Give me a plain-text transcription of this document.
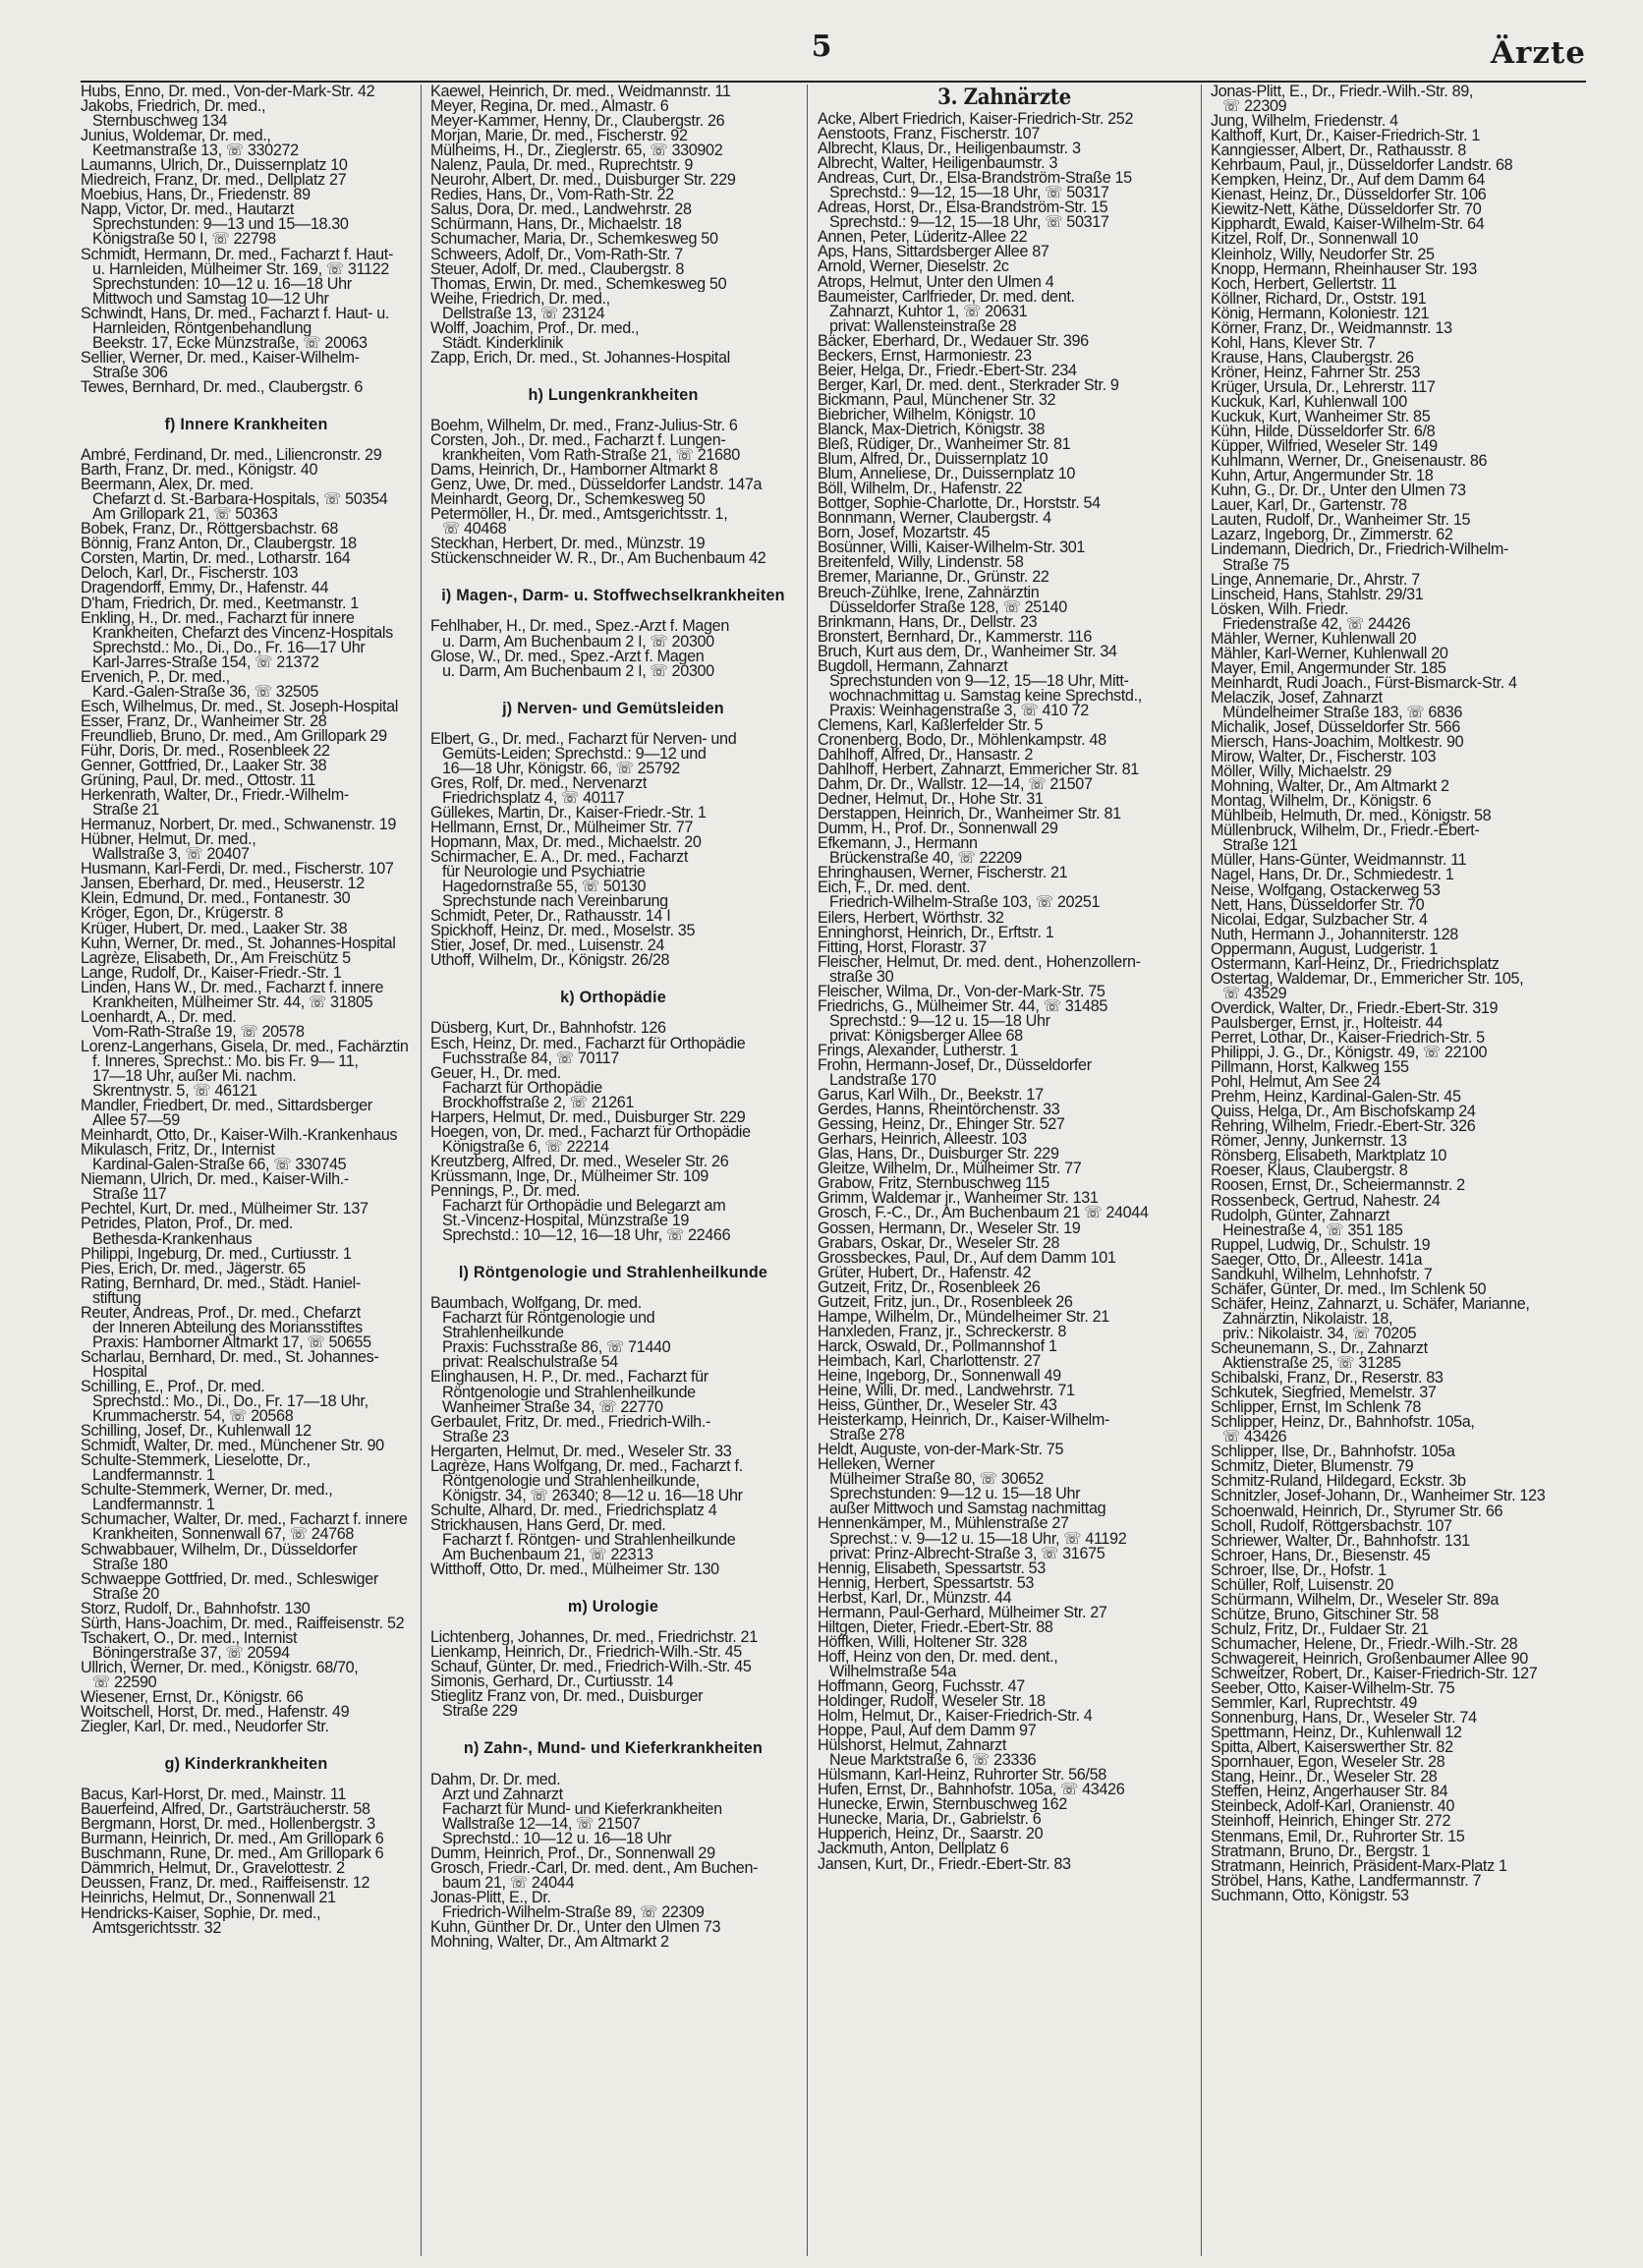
5	Ärzte
Hubs, Enno, Dr. med., Von-der-Mark-Str. 42
Jakobs, Friedrich, Dr. med.,
Sternbuschweg 134
Junius, Woldemar, Dr. med.,
Keetmanstraße 13, ☏ 330272
Laumanns, Ulrich, Dr., Duissernplatz 10
Miedreich, Franz, Dr. med., Dellplatz 27
Moebius, Hans, Dr., Friedenstr. 89
Napp, Victor, Dr. med., Hautarzt
Sprechstunden: 9—13 und 15—18.30
Königstraße 50 I, ☏ 22798
Schmidt, Hermann, Dr. med., Facharzt f. Haut-
u. Harnleiden, Mülheimer Str. 169, ☏ 31122
Sprechstunden: 10—12 u. 16—18 Uhr
Mittwoch und Samstag 10—12 Uhr
Schwindt, Hans, Dr. med., Facharzt f. Haut- u.
Harnleiden, Röntgenbehandlung
Beekstr. 17, Ecke Münzstraße, ☏ 20063
Sellier, Werner, Dr. med., Kaiser-Wilhelm-
Straße 306
Tewes, Bernhard, Dr. med., Claubergstr. 6
f) Innere Krankheiten
Ambré, Ferdinand, Dr. med., Liliencronstr. 29
Barth, Franz, Dr. med., Königstr. 40
Beermann, Alex, Dr. med.
Chefarzt d. St.-Barbara-Hospitals, ☏ 50354
Am Grillopark 21, ☏ 50363
Bobek, Franz, Dr., Röttgersbachstr. 68
Bönnig, Franz Anton, Dr., Claubergstr. 18
Corsten, Martin, Dr. med., Lotharstr. 164
Deloch, Karl, Dr., Fischerstr. 103
Dragendorff, Emmy, Dr., Hafenstr. 44
D'ham, Friedrich, Dr. med., Keetmanstr. 1
Enkling, H., Dr. med., Facharzt für innere
Krankheiten, Chefarzt des Vincenz-Hospitals
Sprechstd.: Mo., Di., Do., Fr. 16—17 Uhr
Karl-Jarres-Straße 154, ☏ 21372
Ervenich, P., Dr. med.,
Kard.-Galen-Straße 36, ☏ 32505
Esch, Wilhelmus, Dr. med., St. Joseph-Hospital
Esser, Franz, Dr., Wanheimer Str. 28
Freundlieb, Bruno, Dr. med., Am Grillopark 29
Führ, Doris, Dr. med., Rosenbleek 22
Genner, Gottfried, Dr., Laaker Str. 38
Grüning, Paul, Dr. med., Ottostr. 11
Herkenrath, Walter, Dr., Friedr.-Wilhelm-
Straße 21
Hermanuz, Norbert, Dr. med., Schwanenstr. 19
Hübner, Helmut, Dr. med.,
Wallstraße 3, ☏ 20407
Husmann, Karl-Ferdi, Dr. med., Fischerstr. 107
Jansen, Eberhard, Dr. med., Heuserstr. 12
Klein, Edmund, Dr. med., Fontanestr. 30
Kröger, Egon, Dr., Krügerstr. 8
Krüger, Hubert, Dr. med., Laaker Str. 38
Kuhn, Werner, Dr. med., St. Johannes-Hospital
Lagrèze, Elisabeth, Dr., Am Freischütz 5
Lange, Rudolf, Dr., Kaiser-Friedr.-Str. 1
Linden, Hans W., Dr. med., Facharzt f. innere
Krankheiten, Mülheimer Str. 44, ☏ 31805
Loenhardt, A., Dr. med.
Vom-Rath-Straße 19, ☏ 20578
Lorenz-Langerhans, Gisela, Dr. med., Fachärztin
f. Inneres, Sprechst.: Mo. bis Fr. 9— 11,
17—18 Uhr, außer Mi. nachm.
Skrentnystr. 5, ☏ 46121
Mandler, Friedbert, Dr. med., Sittardsberger
Allee 57—59
Meinhardt, Otto, Dr., Kaiser-Wilh.-Krankenhaus
Mikulasch, Fritz, Dr., Internist
Kardinal-Galen-Straße 66, ☏ 330745
Niemann, Ulrich, Dr. med., Kaiser-Wilh.-
Straße 117
Pechtel, Kurt, Dr. med., Mülheimer Str. 137
Petrides, Platon, Prof., Dr. med.
Bethesda-Krankenhaus
Philippi, Ingeburg, Dr. med., Curtiusstr. 1
Pies, Erich, Dr. med., Jägerstr. 65
Rating, Bernhard, Dr. med., Städt. Haniel-
stiftung
Reuter, Andreas, Prof., Dr. med., Chefarzt
der Inneren Abteilung des Moriansstiftes
Praxis: Hamborner Altmarkt 17, ☏ 50655
Scharlau, Bernhard, Dr. med., St. Johannes-
Hospital
Schilling, E., Prof., Dr. med.
Sprechstd.: Mo., Di., Do., Fr. 17—18 Uhr,
Krummacherstr. 54, ☏ 20568
Schilling, Josef, Dr., Kuhlenwall 12
Schmidt, Walter, Dr. med., Münchener Str. 90
Schulte-Stemmerk, Lieselotte, Dr.,
Landfermannstr. 1
Schulte-Stemmerk, Werner, Dr. med.,
Landfermannstr. 1
Schumacher, Walter, Dr. med., Facharzt f. innere
Krankheiten, Sonnenwall 67, ☏ 24768
Schwabbauer, Wilhelm, Dr., Düsseldorfer
Straße 180
Schwaeppe Gottfried, Dr. med., Schleswiger
Straße 20
Storz, Rudolf, Dr., Bahnhofstr. 130
Sürth, Hans-Joachim, Dr. med., Raiffeisenstr. 52
Tschakert, O., Dr. med., Internist
Böningerstraße 37, ☏ 20594
Ullrich, Werner, Dr. med., Königstr. 68/70,
☏ 22590
Wiesener, Ernst, Dr., Königstr. 66
Woitschell, Horst, Dr. med., Hafenstr. 49
Ziegler, Karl, Dr. med., Neudorfer Str.
g) Kinderkrankheiten
Bacus, Karl-Horst, Dr. med., Mainstr. 11
Bauerfeind, Alfred, Dr., Gartsträucherstr. 58
Bergmann, Horst, Dr. med., Hollenbergstr. 3
Burmann, Heinrich, Dr. med., Am Grillopark 6
Buschmann, Rune, Dr. med., Am Grillopark 6
Dämmrich, Helmut, Dr., Gravelottestr. 2
Deussen, Franz, Dr. med., Raiffeisenstr. 12
Heinrichs, Helmut, Dr., Sonnenwall 21
Hendricks-Kaiser, Sophie, Dr. med.,
Amtsgerichtsstr. 32
Kaewel, Heinrich, Dr. med., Weidmannstr. 11
Meyer, Regina, Dr. med., Almastr. 6
Meyer-Kammer, Henny, Dr., Claubergstr. 26
Morjan, Marie, Dr. med., Fischerstr. 92
Mülheims, H., Dr., Zieglerstr. 65, ☏ 330902
Nalenz, Paula, Dr. med., Ruprechtstr. 9
Neurohr, Albert, Dr. med., Duisburger Str. 229
Redies, Hans, Dr., Vom-Rath-Str. 22
Salus, Dora, Dr. med., Landwehrstr. 28
Schürmann, Hans, Dr., Michaelstr. 18
Schumacher, Maria, Dr., Schemkesweg 50
Schweers, Adolf, Dr., Vom-Rath-Str. 7
Steuer, Adolf, Dr. med., Claubergstr. 8
Thomas, Erwin, Dr. med., Schemkesweg 50
Weihe, Friedrich, Dr. med.,
Dellstraße 13, ☏ 23124
Wolff, Joachim, Prof., Dr. med.,
Städt. Kinderklinik
Zapp, Erich, Dr. med., St. Johannes-Hospital
h) Lungenkrankheiten
Boehm, Wilhelm, Dr. med., Franz-Julius-Str. 6
Corsten, Joh., Dr. med., Facharzt f. Lungen-
krankheiten, Vom Rath-Straße 21, ☏ 21680
Dams, Heinrich, Dr., Hamborner Altmarkt 8
Genz, Uwe, Dr. med., Düsseldorfer Landstr. 147a
Meinhardt, Georg, Dr., Schemkesweg 50
Petermöller, H., Dr. med., Amtsgerichtsstr. 1,
☏ 40468
Steckhan, Herbert, Dr. med., Münzstr. 19
Stückenschneider W. R., Dr., Am Buchenbaum 42
i) Magen-, Darm- u. Stoffwechselkrankheiten
Fehlhaber, H., Dr. med., Spez.-Arzt f. Magen
u. Darm, Am Buchenbaum 2 I, ☏ 20300
Glose, W., Dr. med., Spez.-Arzt f. Magen
u. Darm, Am Buchenbaum 2 I, ☏ 20300
j) Nerven- und Gemütsleiden
Elbert, G., Dr. med., Facharzt für Nerven- und
Gemüts-Leiden; Sprechstd.: 9—12 und
16—18 Uhr, Königstr. 66, ☏ 25792
Gres, Rolf, Dr. med., Nervenarzt
Friedrichsplatz 4, ☏ 40117
Güllekes, Martin, Dr., Kaiser-Friedr.-Str. 1
Hellmann, Ernst, Dr., Mülheimer Str. 77
Hopmann, Max, Dr. med., Michaelstr. 20
Schirmacher, E. A., Dr. med., Facharzt
für Neurologie und Psychiatrie
Hagedornstraße 55, ☏ 50130
Sprechstunde nach Vereinbarung
Schmidt, Peter, Dr., Rathausstr. 14 I
Spickhoff, Heinz, Dr. med., Moselstr. 35
Stier, Josef, Dr. med., Luisenstr. 24
Uthoff, Wilhelm, Dr., Königstr. 26/28
k) Orthopädie
Düsberg, Kurt, Dr., Bahnhofstr. 126
Esch, Heinz, Dr. med., Facharzt für Orthopädie
Fuchsstraße 84, ☏ 70117
Geuer, H., Dr. med.
Facharzt für Orthopädie
Brockhoffstraße 2, ☏ 21261
Harpers, Helmut, Dr. med., Duisburger Str. 229
Hoegen, von, Dr. med., Facharzt für Orthopädie
Königstraße 6, ☏ 22214
Kreutzberg, Alfred, Dr. med., Weseler Str. 26
Krüssmann, Inge, Dr., Mülheimer Str. 109
Pennings, P., Dr. med.
Facharzt für Orthopädie und Belegarzt am
St.-Vincenz-Hospital, Münzstraße 19
Sprechstd.: 10—12, 16—18 Uhr, ☏ 22466
l) Röntgenologie und Strahlenheilkunde
Baumbach, Wolfgang, Dr. med.
Facharzt für Röntgenologie und
Strahlenheilkunde
Praxis: Fuchsstraße 86, ☏ 71440
privat: Realschulstraße 54
Elinghausen, H. P., Dr. med., Facharzt für
Röntgenologie und Strahlenheilkunde
Wanheimer Straße 34, ☏ 22770
Gerbaulet, Fritz, Dr. med., Friedrich-Wilh.-
Straße 23
Hergarten, Helmut, Dr. med., Weseler Str. 33
Lagrèze, Hans Wolfgang, Dr. med., Facharzt f.
Röntgenologie und Strahlenheilkunde,
Königstr. 34, ☏ 26340; 8—12 u. 16—18 Uhr
Schulte, Alhard, Dr. med., Friedrichsplatz 4
Strickhausen, Hans Gerd, Dr. med.
Facharzt f. Röntgen- und Strahlenheilkunde
Am Buchenbaum 21, ☏ 22313
Witthoff, Otto, Dr. med., Mülheimer Str. 130
m) Urologie
Lichtenberg, Johannes, Dr. med., Friedrichstr. 21
Lienkamp, Heinrich, Dr., Friedrich-Wilh.-Str. 45
Schauf, Günter, Dr. med., Friedrich-Wilh.-Str. 45
Simonis, Gerhard, Dr., Curtiusstr. 14
Stieglitz Franz von, Dr. med., Duisburger
Straße 229
n) Zahn-, Mund- und Kieferkrankheiten
Dahm, Dr. Dr. med.
Arzt und Zahnarzt
Facharzt für Mund- und Kieferkrankheiten
Wallstraße 12—14, ☏ 21507
Sprechstd.: 10—12 u. 16—18 Uhr
Dumm, Heinrich, Prof., Dr., Sonnenwall 29
Grosch, Friedr.-Carl, Dr. med. dent., Am Buchen-
baum 21, ☏ 24044
Jonas-Plitt, E., Dr.
Friedrich-Wilhelm-Straße 89, ☏ 22309
Kuhn, Günther Dr. Dr., Unter den Ulmen 73
Mohning, Walter, Dr., Am Altmarkt 2
3. Zahnärzte
Acke, Albert Friedrich, Kaiser-Friedrich-Str. 252
Aenstoots, Franz, Fischerstr. 107
Albrecht, Klaus, Dr., Heiligenbaumstr. 3
Albrecht, Walter, Heiligenbaumstr. 3
Andreas, Curt, Dr., Elsa-Brandström-Straße 15
Sprechstd.: 9—12, 15—18 Uhr, ☏ 50317
Adreas, Horst, Dr., Elsa-Brandström-Str. 15
Sprechstd.: 9—12, 15—18 Uhr, ☏ 50317
Annen, Peter, Lüderitz-Allee 22
Aps, Hans, Sittardsberger Allee 87
Arnold, Werner, Dieselstr. 2c
Atrops, Helmut, Unter den Ulmen 4
Baumeister, Carlfrieder, Dr. med. dent.
Zahnarzt, Kuhtor 1, ☏ 20631
privat: Wallensteinstraße 28
Bäcker, Eberhard, Dr., Wedauer Str. 396
Beckers, Ernst, Harmoniestr. 23
Beier, Helga, Dr., Friedr.-Ebert-Str. 234
Berger, Karl, Dr. med. dent., Sterkrader Str. 9
Bickmann, Paul, Münchener Str. 32
Biebricher, Wilhelm, Königstr. 10
Blanck, Max-Dietrich, Königstr. 38
Bleß, Rüdiger, Dr., Wanheimer Str. 81
Blum, Alfred, Dr., Duissernplatz 10
Blum, Anneliese, Dr., Duissernplatz 10
Böll, Wilhelm, Dr., Hafenstr. 22
Bottger, Sophie-Charlotte, Dr., Horststr. 54
Bonnmann, Werner, Claubergstr. 4
Born, Josef, Mozartstr. 45
Bosünner, Willi, Kaiser-Wilhelm-Str. 301
Breitenfeld, Willy, Lindenstr. 58
Bremer, Marianne, Dr., Grünstr. 22
Breuch-Zühlke, Irene, Zahnärztin
Düsseldorfer Straße 128, ☏ 25140
Brinkmann, Hans, Dr., Dellstr. 23
Bronstert, Bernhard, Dr., Kammerstr. 116
Bruch, Kurt aus dem, Dr., Wanheimer Str. 34
Bugdoll, Hermann, Zahnarzt
Sprechstunden von 9—12, 15—18 Uhr, Mitt-
wochnachmittag u. Samstag keine Sprechstd.,
Praxis: Weinhagenstraße 3, ☏ 410 72
Clemens, Karl, Kaßlerfelder Str. 5
Cronenberg, Bodo, Dr., Möhlenkampstr. 48
Dahlhoff, Alfred, Dr., Hansastr. 2
Dahlhoff, Herbert, Zahnarzt, Emmericher Str. 81
Dahm, Dr. Dr., Wallstr. 12—14, ☏ 21507
Dedner, Helmut, Dr., Hohe Str. 31
Derstappen, Heinrich, Dr., Wanheimer Str. 81
Dumm, H., Prof. Dr., Sonnenwall 29
Efkemann, J., Hermann
Brückenstraße 40, ☏ 22209
Ehringhausen, Werner, Fischerstr. 21
Eich, F., Dr. med. dent.
Friedrich-Wilhelm-Straße 103, ☏ 20251
Eilers, Herbert, Wörthstr. 32
Enninghorst, Heinrich, Dr., Erftstr. 1
Fitting, Horst, Florastr. 37
Fleischer, Helmut, Dr. med. dent., Hohenzollern-
straße 30
Fleischer, Wilma, Dr., Von-der-Mark-Str. 75
Friedrichs, G., Mülheimer Str. 44, ☏ 31485
Sprechstd.: 9—12 u. 15—18 Uhr
privat: Königsberger Allee 68
Frings, Alexander, Lutherstr. 1
Frohn, Hermann-Josef, Dr., Düsseldorfer
Landstraße 170
Garus, Karl Wilh., Dr., Beekstr. 17
Gerdes, Hanns, Rheintörchenstr. 33
Gessing, Heinz, Dr., Ehinger Str. 527
Gerhars, Heinrich, Alleestr. 103
Glas, Hans, Dr., Duisburger Str. 229
Gleitze, Wilhelm, Dr., Mülheimer Str. 77
Grabow, Fritz, Sternbuschweg 115
Grimm, Waldemar jr., Wanheimer Str. 131
Grosch, F.-C., Dr., Am Buchenbaum 21 ☏ 24044
Gossen, Hermann, Dr., Weseler Str. 19
Grabars, Oskar, Dr., Weseler Str. 28
Grossbeckes, Paul, Dr., Auf dem Damm 101
Grüter, Hubert, Dr., Hafenstr. 42
Gutzeit, Fritz, Dr., Rosenbleek 26
Gutzeit, Fritz, jun., Dr., Rosenbleek 26
Hampe, Wilhelm, Dr., Mündelheimer Str. 21
Hanxleden, Franz, jr., Schreckerstr. 8
Harck, Oswald, Dr., Pollmannshof 1
Heimbach, Karl, Charlottenstr. 27
Heine, Ingeborg, Dr., Sonnenwall 49
Heine, Willi, Dr. med., Landwehrstr. 71
Heiss, Günther, Dr., Weseler Str. 43
Heisterkamp, Heinrich, Dr., Kaiser-Wilhelm-
Straße 278
Heldt, Auguste, von-der-Mark-Str. 75
Helleken, Werner
Mülheimer Straße 80, ☏ 30652
Sprechstunden: 9—12 u. 15—18 Uhr
außer Mittwoch und Samstag nachmittag
Hennenkämper, M., Mühlenstraße 27
Sprechst.: v. 9—12 u. 15—18 Uhr, ☏ 41192
privat: Prinz-Albrecht-Straße 3, ☏ 31675
Hennig, Elisabeth, Spessartstr. 53
Hennig, Herbert, Spessartstr. 53
Herbst, Karl, Dr., Münzstr. 44
Hermann, Paul-Gerhard, Mülheimer Str. 27
Hiltgen, Dieter, Friedr.-Ebert-Str. 88
Höffken, Willi, Holtener Str. 328
Hoff, Heinz von den, Dr. med. dent.,
Wilhelmstraße 54a
Hoffmann, Georg, Fuchsstr. 47
Holdinger, Rudolf, Weseler Str. 18
Holm, Helmut, Dr., Kaiser-Friedrich-Str. 4
Hoppe, Paul, Auf dem Damm 97
Hülshorst, Helmut, Zahnarzt
Neue Marktstraße 6, ☏ 23336
Hülsmann, Karl-Heinz, Ruhrorter Str. 56/58
Hufen, Ernst, Dr., Bahnhofstr. 105a, ☏ 43426
Hunecke, Erwin, Sternbuschweg 162
Hunecke, Maria, Dr., Gabrielstr. 6
Hupperich, Heinz, Dr., Saarstr. 20
Jackmuth, Anton, Dellplatz 6
Jansen, Kurt, Dr., Friedr.-Ebert-Str. 83
Jonas-Plitt, E., Dr., Friedr.-Wilh.-Str. 89,
☏ 22309
Jung, Wilhelm, Friedenstr. 4
Kalthoff, Kurt, Dr., Kaiser-Friedrich-Str. 1
Kanngiesser, Albert, Dr., Rathausstr. 8
Kehrbaum, Paul, jr., Düsseldorfer Landstr. 68
Kempken, Heinz, Dr., Auf dem Damm 64
Kienast, Heinz, Dr., Düsseldorfer Str. 106
Kiewitz-Nett, Käthe, Düsseldorfer Str. 70
Kipphardt, Ewald, Kaiser-Wilhelm-Str. 64
Kitzel, Rolf, Dr., Sonnenwall 10
Kleinholz, Willy, Neudorfer Str. 25
Knopp, Hermann, Rheinhauser Str. 193
Koch, Herbert, Gellertstr. 11
Köllner, Richard, Dr., Oststr. 191
König, Hermann, Koloniestr. 121
Körner, Franz, Dr., Weidmannstr. 13
Kohl, Hans, Klever Str. 7
Krause, Hans, Claubergstr. 26
Kröner, Heinz, Fahrner Str. 253
Krüger, Ursula, Dr., Lehrerstr. 117
Kuckuk, Karl, Kuhlenwall 100
Kuckuk, Kurt, Wanheimer Str. 85
Kühn, Hilde, Düsseldorfer Str. 6/8
Küpper, Wilfried, Weseler Str. 149
Kuhlmann, Werner, Dr., Gneisenaustr. 86
Kuhn, Artur, Angermunder Str. 18
Kuhn, G., Dr. Dr., Unter den Ulmen 73
Lauer, Karl, Dr., Gartenstr. 78
Lauten, Rudolf, Dr., Wanheimer Str. 15
Lazarz, Ingeborg, Dr., Zimmerstr. 62
Lindemann, Diedrich, Dr., Friedrich-Wilhelm-
Straße 75
Linge, Annemarie, Dr., Ahrstr. 7
Linscheid, Hans, Stahlstr. 29/31
Lösken, Wilh. Friedr.
Friedenstraße 42, ☏ 24426
Mähler, Werner, Kuhlenwall 20
Mähler, Karl-Werner, Kuhlenwall 20
Mayer, Emil, Angermunder Str. 185
Meinhardt, Rudi Joach., Fürst-Bismarck-Str. 4
Melaczik, Josef, Zahnarzt
Mündelheimer Straße 183, ☏ 6836
Michalik, Josef, Düsseldorfer Str. 566
Miersch, Hans-Joachim, Moltkestr. 90
Mirow, Walter, Dr., Fischerstr. 103
Möller, Willy, Michaelstr. 29
Mohning, Walter, Dr., Am Altmarkt 2
Montag, Wilhelm, Dr., Königstr. 6
Mühlbeib, Helmuth, Dr. med., Königstr. 58
Müllenbruck, Wilhelm, Dr., Friedr.-Ebert-
Straße 121
Müller, Hans-Günter, Weidmannstr. 11
Nagel, Hans, Dr. Dr., Schmiedestr. 1
Neise, Wolfgang, Ostackerweg 53
Nett, Hans, Düsseldorfer Str. 70
Nicolai, Edgar, Sulzbacher Str. 4
Nuth, Hermann J., Johanniterstr. 128
Oppermann, August, Ludgeristr. 1
Ostermann, Karl-Heinz, Dr., Friedrichsplatz
Ostertag, Waldemar, Dr., Emmericher Str. 105,
☏ 43529
Overdick, Walter, Dr., Friedr.-Ebert-Str. 319
Paulsberger, Ernst, jr., Holteistr. 44
Perret, Lothar, Dr., Kaiser-Friedrich-Str. 5
Philippi, J. G., Dr., Königstr. 49, ☏ 22100
Pillmann, Horst, Kalkweg 155
Pohl, Helmut, Am See 24
Prehm, Heinz, Kardinal-Galen-Str. 45
Quiss, Helga, Dr., Am Bischofskamp 24
Rehring, Wilhelm, Friedr.-Ebert-Str. 326
Römer, Jenny, Junkernstr. 13
Rönsberg, Elisabeth, Marktplatz 10
Roeser, Klaus, Claubergstr. 8
Roosen, Ernst, Dr., Scheiermannstr. 2
Rossenbeck, Gertrud, Nahestr. 24
Rudolph, Günter, Zahnarzt
Heinestraße 4, ☏ 351 185
Ruppel, Ludwig, Dr., Schulstr. 19
Saeger, Otto, Dr., Alleestr. 141a
Sandkuhl, Wilhelm, Lehnhofstr. 7
Schäfer, Günter, Dr. med., Im Schlenk 50
Schäfer, Heinz, Zahnarzt, u. Schäfer, Marianne,
Zahnärztin, Nikolaistr. 18,
priv.: Nikolaistr. 34, ☏ 70205
Scheunemann, S., Dr., Zahnarzt
Aktienstraße 25, ☏ 31285
Schibalski, Franz, Dr., Reserstr. 83
Schkutek, Siegfried, Memelstr. 37
Schlipper, Ernst, Im Schlenk 78
Schlipper, Heinz, Dr., Bahnhofstr. 105a,
☏ 43426
Schlipper, Ilse, Dr., Bahnhofstr. 105a
Schmitz, Dieter, Blumenstr. 79
Schmitz-Ruland, Hildegard, Eckstr. 3b
Schnitzler, Josef-Johann, Dr., Wanheimer Str. 123
Schoenwald, Heinrich, Dr., Styrumer Str. 66
Scholl, Rudolf, Röttgersbachstr. 107
Schriewer, Walter, Dr., Bahnhofstr. 131
Schroer, Hans, Dr., Biesenstr. 45
Schroer, Ilse, Dr., Hofstr. 1
Schüller, Rolf, Luisenstr. 20
Schürmann, Wilhelm, Dr., Weseler Str. 89a
Schütze, Bruno, Gitschiner Str. 58
Schulz, Fritz, Dr., Fuldaer Str. 21
Schumacher, Helene, Dr., Friedr.-Wilh.-Str. 28
Schwagereit, Heinrich, Großenbaumer Allee 90
Schweitzer, Robert, Dr., Kaiser-Friedrich-Str. 127
Seeber, Otto, Kaiser-Wilhelm-Str. 75
Semmler, Karl, Ruprechtstr. 49
Sonnenburg, Hans, Dr., Weseler Str. 74
Spettmann, Heinz, Dr., Kuhlenwall 12
Spitta, Albert, Kaiserswerther Str. 82
Spornhauer, Egon, Weseler Str. 28
Stang, Heinr., Dr., Weseler Str. 28
Steffen, Heinz, Angerhauser Str. 84
Steinbeck, Adolf-Karl, Oranienstr. 40
Steinhoff, Heinrich, Ehinger Str. 272
Stenmans, Emil, Dr., Ruhrorter Str. 15
Stratmann, Bruno, Dr., Bergstr. 1
Stratmann, Heinrich, Präsident-Marx-Platz 1
Ströbel, Hans, Kathe, Landfermannstr. 7
Suchmann, Otto, Königstr. 53
